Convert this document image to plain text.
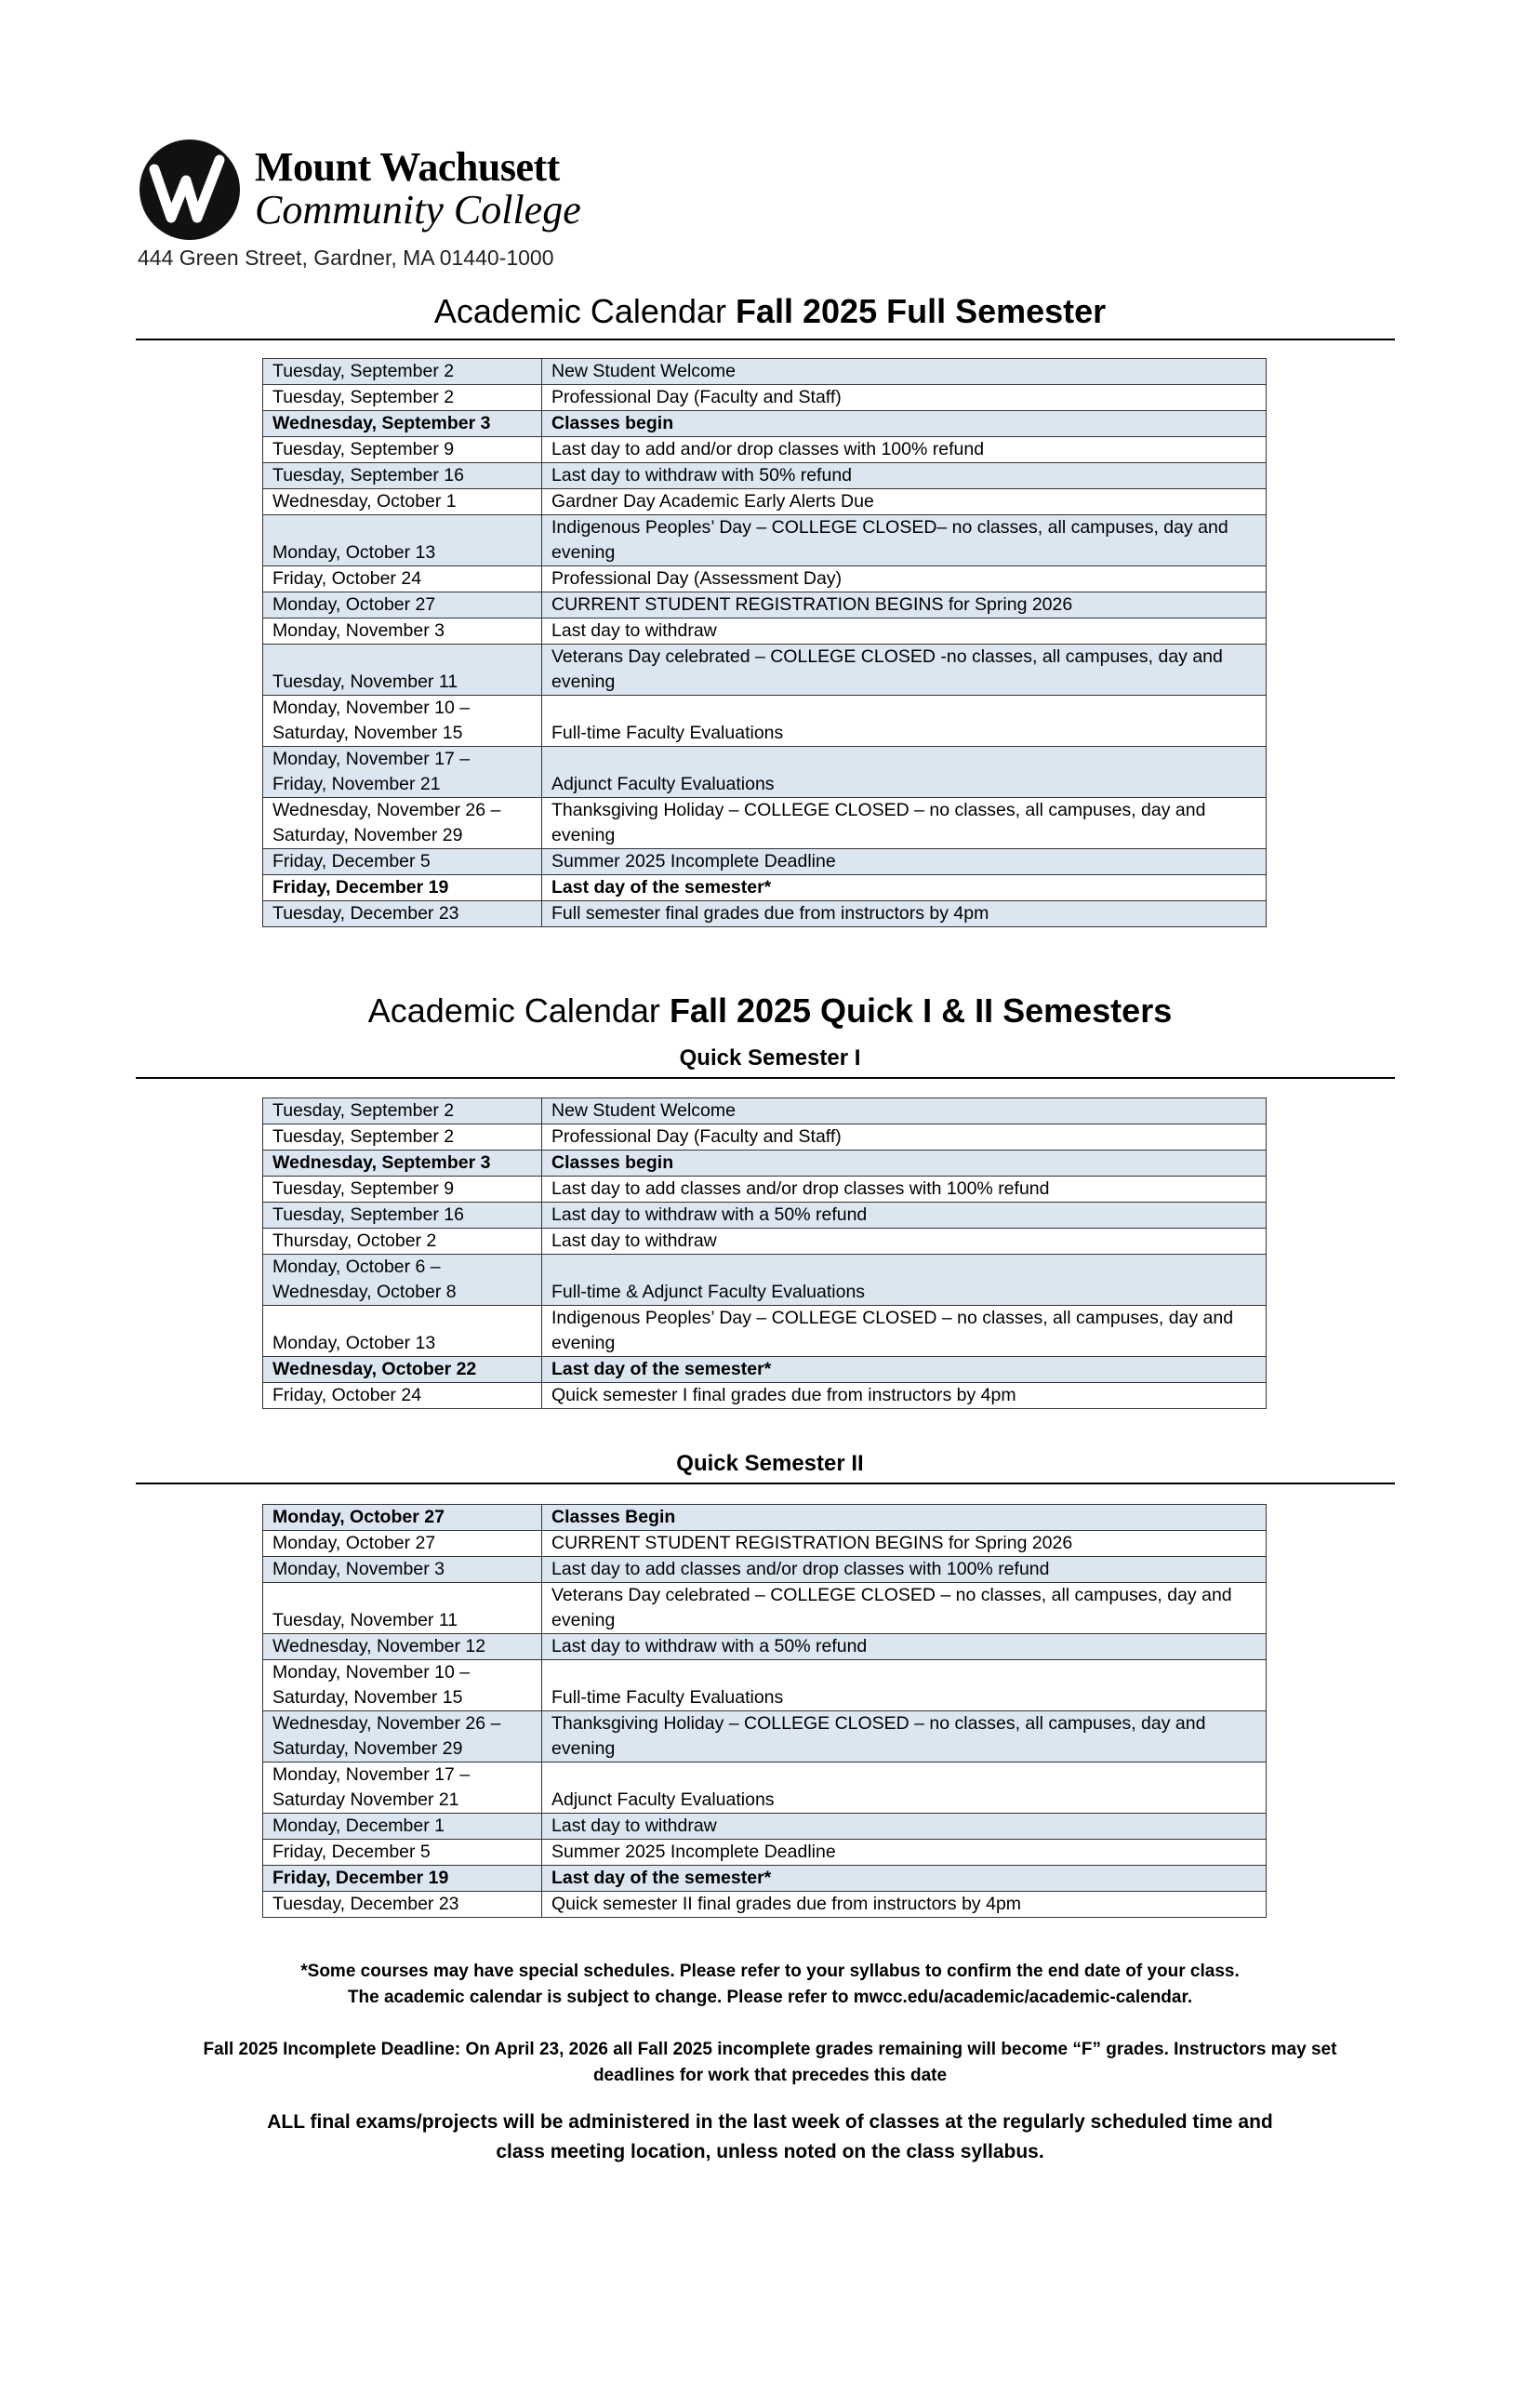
Mount Wachusett
Community College
444 Green Street, Gardner, MA 01440-1000
Academic Calendar Fall 2025 Full Semester
Tuesday, September 2	New Student Welcome
Tuesday, September 2	Professional Day (Faculty and Staff)
Wednesday, September 3	Classes begin
Tuesday, September 9	Last day to add and/or drop classes with 100% refund
Tuesday, September 16	Last day to withdraw with 50% refund
Wednesday, October 1	Gardner Day Academic Early Alerts Due
Monday, October 13	Indigenous Peoples’ Day – COLLEGE CLOSED– no classes, all campuses, day and evening
Friday, October 24	Professional Day (Assessment Day)
Monday, October 27	CURRENT STUDENT REGISTRATION BEGINS for Spring 2026
Monday, November 3	Last day to withdraw
Tuesday, November 11	Veterans Day celebrated – COLLEGE CLOSED -no classes, all campuses, day and evening
Monday, November 10 –
Saturday, November 15	Full-time Faculty Evaluations
Monday, November 17 –
Friday, November 21	Adjunct Faculty Evaluations
Wednesday, November 26 –
Saturday, November 29	Thanksgiving Holiday – COLLEGE CLOSED – no classes, all campuses, day and evening
Friday, December 5	Summer 2025 Incomplete Deadline
Friday, December 19	Last day of the semester*
Tuesday, December 23	Full semester final grades due from instructors by 4pm
Academic Calendar Fall 2025 Quick I & II Semesters
Quick Semester I
Tuesday, September 2	New Student Welcome
Tuesday, September 2	Professional Day (Faculty and Staff)
Wednesday, September 3	Classes begin
Tuesday, September 9	Last day to add classes and/or drop classes with 100% refund
Tuesday, September 16	Last day to withdraw with a 50% refund
Thursday, October 2	Last day to withdraw
Monday, October 6 –
Wednesday, October 8	Full-time & Adjunct Faculty Evaluations
Monday, October 13	Indigenous Peoples’ Day – COLLEGE CLOSED – no classes, all campuses, day and evening
Wednesday, October 22	Last day of the semester*
Friday, October 24	Quick semester I final grades due from instructors by 4pm
Quick Semester II
Monday, October 27	Classes Begin
Monday, October 27	CURRENT STUDENT REGISTRATION BEGINS for Spring 2026
Monday, November 3	Last day to add classes and/or drop classes with 100% refund
Tuesday, November 11	Veterans Day celebrated – COLLEGE CLOSED – no classes, all campuses, day and evening
Wednesday, November 12	Last day to withdraw with a 50% refund
Monday, November 10 –
Saturday, November 15	Full-time Faculty Evaluations
Wednesday, November 26 –
Saturday, November 29	Thanksgiving Holiday – COLLEGE CLOSED – no classes, all campuses, day and evening
Monday, November 17 –
Saturday November 21	Adjunct Faculty Evaluations
Monday, December 1	Last day to withdraw
Friday, December 5	Summer 2025 Incomplete Deadline
Friday, December 19	Last day of the semester*
Tuesday, December 23	Quick semester II final grades due from instructors by 4pm
*Some courses may have special schedules. Please refer to your syllabus to confirm the end date of your class.
The academic calendar is subject to change. Please refer to mwcc.edu/academic/academic-calendar.
Fall 2025 Incomplete Deadline: On April 23, 2026 all Fall 2025 incomplete grades remaining will become “F” grades. Instructors may set
deadlines for work that precedes this date
ALL final exams/projects will be administered in the last week of classes at the regularly scheduled time and
class meeting location, unless noted on the class syllabus.
